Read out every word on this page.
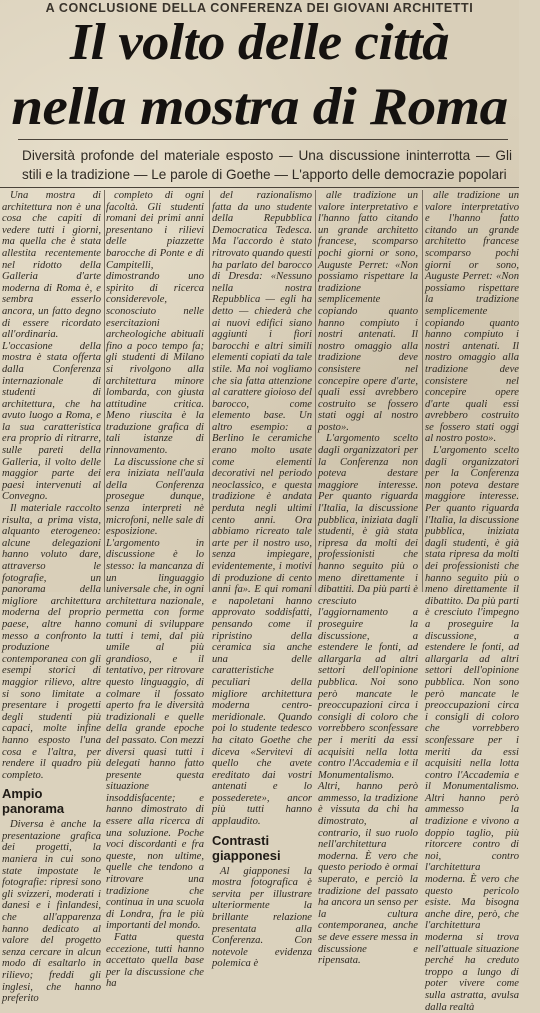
A CONCLUSIONE DELLA CONFERENZA DEI GIOVANI ARCHITETTI
Il volto delle città
nella mostra di Roma
Diversità profonde del materiale esposto — Una discussione ininterrotta — Gli stili e la tradizione — Le parole di Goethe — L'apporto delle democrazie popolari

Una mostra di architettura non è una cosa che capiti di vedere tutti i giorni, ma quella che è stata allestita recentemente nel ridotto della Galleria d'arte moderna di Roma è, e sembra esserlo ancora, un fatto degno di essere ricordato all'ordinaria. L'occasione della mostra è stata offerta dalla Conferenza internazionale di studenti di architettura, che ha avuto luogo a Roma, e la sua caratteristica era proprio di ritrarre, sulle pareti della Galleria, il volto delle maggior parte dei paesi intervenuti al Convegno.

Il materiale raccolto risulta, a prima vista, alquanto eterogeneo: alcune delegazioni hanno voluto dare, attraverso le fotografie, un panorama della migliore architettura moderna del proprio paese, altre hanno messo a confronto la produzione contemporanea con gli esempi storici di maggior rilievo, altre si sono limitate a presentare i progetti degli studenti più capaci, molte infine hanno esposto l'una cosa e l'altra, per rendere il quadro più completo.

Ampio panorama

Diversa è anche la presentazione grafica dei progetti, la maniera in cui sono state impostate le fotografie: ripresi sono gli svizzeri, moderati i danesi e i finlandesi, che all'apparenza hanno dedicato al valore del progetto senza cercare in alcun modo di esaltarlo in rilievo; freddi gli inglesi, che hanno preferito

completo di ogni facoltà. Gli studenti romani dei primi anni presentano i rilievi delle piazzette barocche di Ponte e di Campitelli, dimostrando uno spirito di ricerca considerevole, sconosciuto nelle esercitazioni archeologiche abituali fino a poco tempo fa; gli studenti di Milano si rivolgono alla architettura minore lombarda, con giusta attitudine critica. Meno riuscita è la traduzione grafica di tali istanze di rinnovamento.

La discussione che si era iniziata nell'aula della Conferenza prosegue dunque, senza interpreti nè microfoni, nelle sale di esposizione. L'argomento in discussione è lo stesso: la mancanza di un linguaggio universale che, in ogni architettura nazionale, permetta con forme comuni di sviluppare tutti i temi, dal più umile al più grandioso, e il tentativo, per ritrovare questo linguaggio, di colmare il fossato aperto fra le diversità tradizionali e quelle della grande epoche del passato. Con mezzi diversi quasi tutti i delegati hanno fatto presente questa situazione insoddisfacente; e hanno dimostrato di essere alla ricerca di una soluzione. Poche voci discordanti e fra queste, non ultime, quelle che tendono a ritrovare una tradizione che continua in una scuola di Londra, fra le più importanti del mondo.

Fatta questa eccezione, tutti hanno accettato quella base per la discussione che ha

del razionalismo fatta da uno studente della Repubblica Democratica Tedesca. Ma l'accordo è stato ritrovato quando questi ha parlato del barocco di Dresda: «Nessuno nella nostra Repubblica — egli ha detto — chiederà che ai nuovi edifici siano aggiunti i fiori barocchi e altri simili elementi copiati da tale stile. Ma noi vogliamo che sia fatta attenzione al carattere gioioso del barocco, come elemento base. Un altro esempio: a Berlino le ceramiche erano molto usate come elementi decorativi nel periodo neoclassico, e questa tradizione è andata perduta negli ultimi cento anni. Ora abbiamo ricreato tale arte per il nostro uso, senza impiegare, evidentemente, i motivi di produzione di cento anni fa». E qui romani e napoletani hanno approvato soddisfatti, pensando come il ripristino della ceramica sia anche una delle caratteristiche peculiari della migliore architettura moderna centro-meridionale. Quando poi lo studente tedesco ha citato Goethe che diceva «Servitevi di quello che avete ereditato dai vostri antenati e lo possederete», ancor più tutti hanno applaudito.

Contrasti giapponesi

Al giapponesi la mostra fotografica è servita per illustrare ulteriormente la brillante relazione presentata alla Conferenza. Con notevole evidenza polemica è

alle tradizione un valore interpretativo e l'hanno fatto citando un grande architetto francese, scomparso pochi giorni or sono, Auguste Perret: «Non possiamo rispettare la tradizione semplicemente copiando quanto hanno compiuto i nostri antenati. Il nostro omaggio alla tradizione deve consistere nel concepire opere d'arte, quali essi avrebbero costruito se fossero stati oggi al nostro posto».

L'argomento scelto dagli organizzatori per la Conferenza non poteva destare maggiore interesse. Per quanto riguarda l'Italia, la discussione pubblica, iniziata dagli studenti, è già stata ripresa da molti dei professionisti che hanno seguito più o meno direttamente i dibattiti. Da più parti è cresciuto l'aggiornamento a proseguire la discussione, a estendere le fonti, ad allargarla ad altri settori dell'opinione pubblica. Noi sono però mancate le preoccupazioni circa i consigli di coloro che vorrebbero sconfessare per i meriti da essi acquisiti nella lotta contro l'Accademia e il Monumentalismo. Altri, hanno però ammesso, la tradizione è vissuta da chi ha dimostrato, al contrario, il suo ruolo nell'architettura moderna. È vero che questo periodo è ormai superato, e perciò la tradizione del passato ha ancora un senso per la cultura contemporanea, anche se deve essere messa in discussione e ripensata.

alle tradizione un valore interpretativo e l'hanno fatto citando un grande architetto francese scomparso pochi giorni or sono, Auguste Perret: «Non possiamo rispettare la tradizione semplicemente copiando quanto hanno compiuto i nostri antenati. Il nostro omaggio alla tradizione deve consistere nel concepire opere d'arte quali essi avrebbero costruito se fossero stati oggi al nostro posto».

L'argomento scelto dagli organizzatori per la Conferenza non poteva destare maggiore interesse. Per quanto riguarda l'Italia, la discussione pubblica, iniziata dagli studenti, è già stata ripresa da molti dei professionisti che hanno seguito più o meno direttamente il dibattito. Da più parti è cresciuto l'impegno a proseguire la discussione, a estendere le fonti, ad allargarla ad altri settori dell'opinione pubblica. Non sono però mancate le preoccupazioni circa i consigli di coloro che vorrebbero sconfessare per i meriti da essi acquisiti nella lotta contro l'Accademia e il Monumentalismo. Altri hanno però ammesso la tradizione e vivono a doppio taglio, più ritorcere contro di noi, contro l'architettura moderna. È vero che questo pericolo esiste. Ma bisogna anche dire, però, che l'architettura moderna si trova nell'attuale situazione perché ha creduto troppo a lungo di poter vivere come sulla astratta, avulsa dalla realtà
